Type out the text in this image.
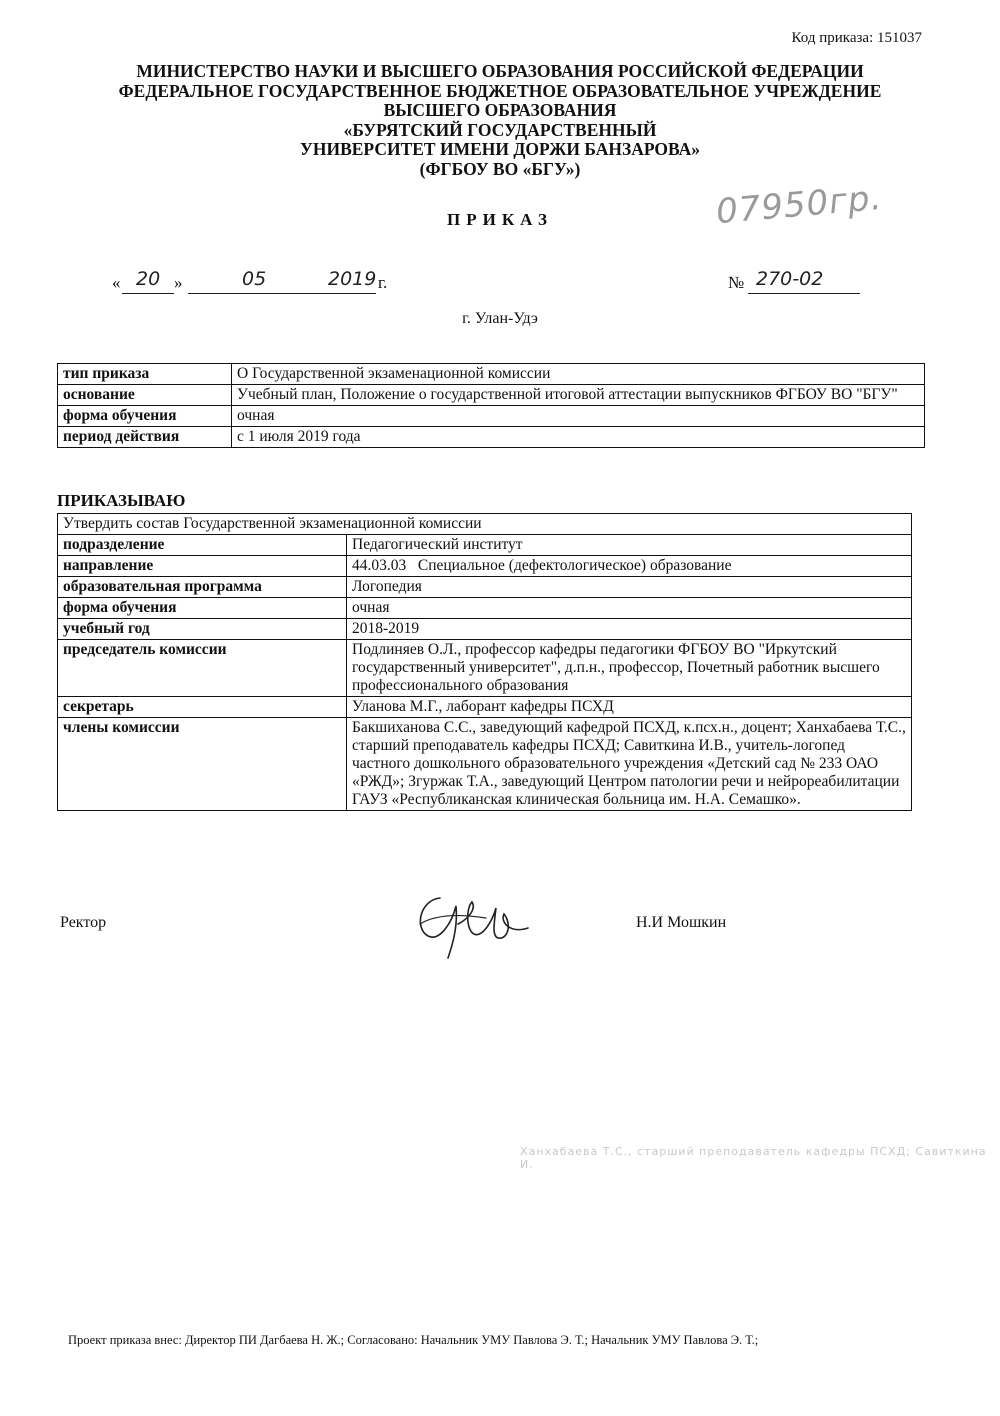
Код приказа: 151037
МИНИСТЕРСТВО НАУКИ И ВЫСШЕГО ОБРАЗОВАНИЯ РОССИЙСКОЙ ФЕДЕРАЦИИ
ФЕДЕРАЛЬНОЕ ГОСУДАРСТВЕННОЕ БЮДЖЕТНОЕ ОБРАЗОВАТЕЛЬНОЕ УЧРЕЖДЕНИЕ
ВЫСШЕГО ОБРАЗОВАНИЯ
«БУРЯТСКИЙ ГОСУДАРСТВЕННЫЙ
УНИВЕРСИТЕТ ИМЕНИ ДОРЖИ БАНЗАРОВА»
(ФГБОУ ВО «БГУ»)
ПРИКАЗ	07950гр.
« 20 »	05	2019 г.	№ 270-02
г. Улан-Удэ
тип приказа	О Государственной экзаменационной комиссии
основание	Учебный план, Положение о государственной итоговой аттестации выпускников ФГБОУ ВО "БГУ"
форма обучения	очная
период действия	с 1 июля 2019 года
ПРИКАЗЫВАЮ
Утвердить состав Государственной экзаменационной комиссии	
подразделение	Педагогический институт
направление	44.03.03   Специальное (дефектологическое) образование
образовательная программа	Логопедия
форма обучения	очная
учебный год	2018-2019
председатель комиссии	Подлиняев О.Л., профессор кафедры педагогики ФГБОУ ВО "Иркутский государственный университет", д.п.н., профессор, Почетный работник высшего профессионального образования
секретарь	Уланова М.Г., лаборант кафедры ПСХД
члены комиссии	Бакшиханова С.С., заведующий кафедрой ПСХД, к.псх.н., доцент; Ханхабаева Т.С., старший преподаватель кафедры ПСХД; Савиткина И.В., учитель-логопед частного дошкольного образовательного учреждения «Детский сад № 233 ОАО «РЖД»; Згуржак Т.А., заведующий Центром патологии речи и нейрореабилитации ГАУЗ «Республиканская клиническая больница им. Н.А. Семашко».
Ректор	Н.И Мошкин
Ханхабаева Т.С., старший преподаватель кафедры ПСХД; Савиткина И.
Проект приказа внес: Директор ПИ Дагбаева Н. Ж.; Согласовано: Начальник УМУ Павлова Э. Т.; Начальник УМУ Павлова Э. Т.;
